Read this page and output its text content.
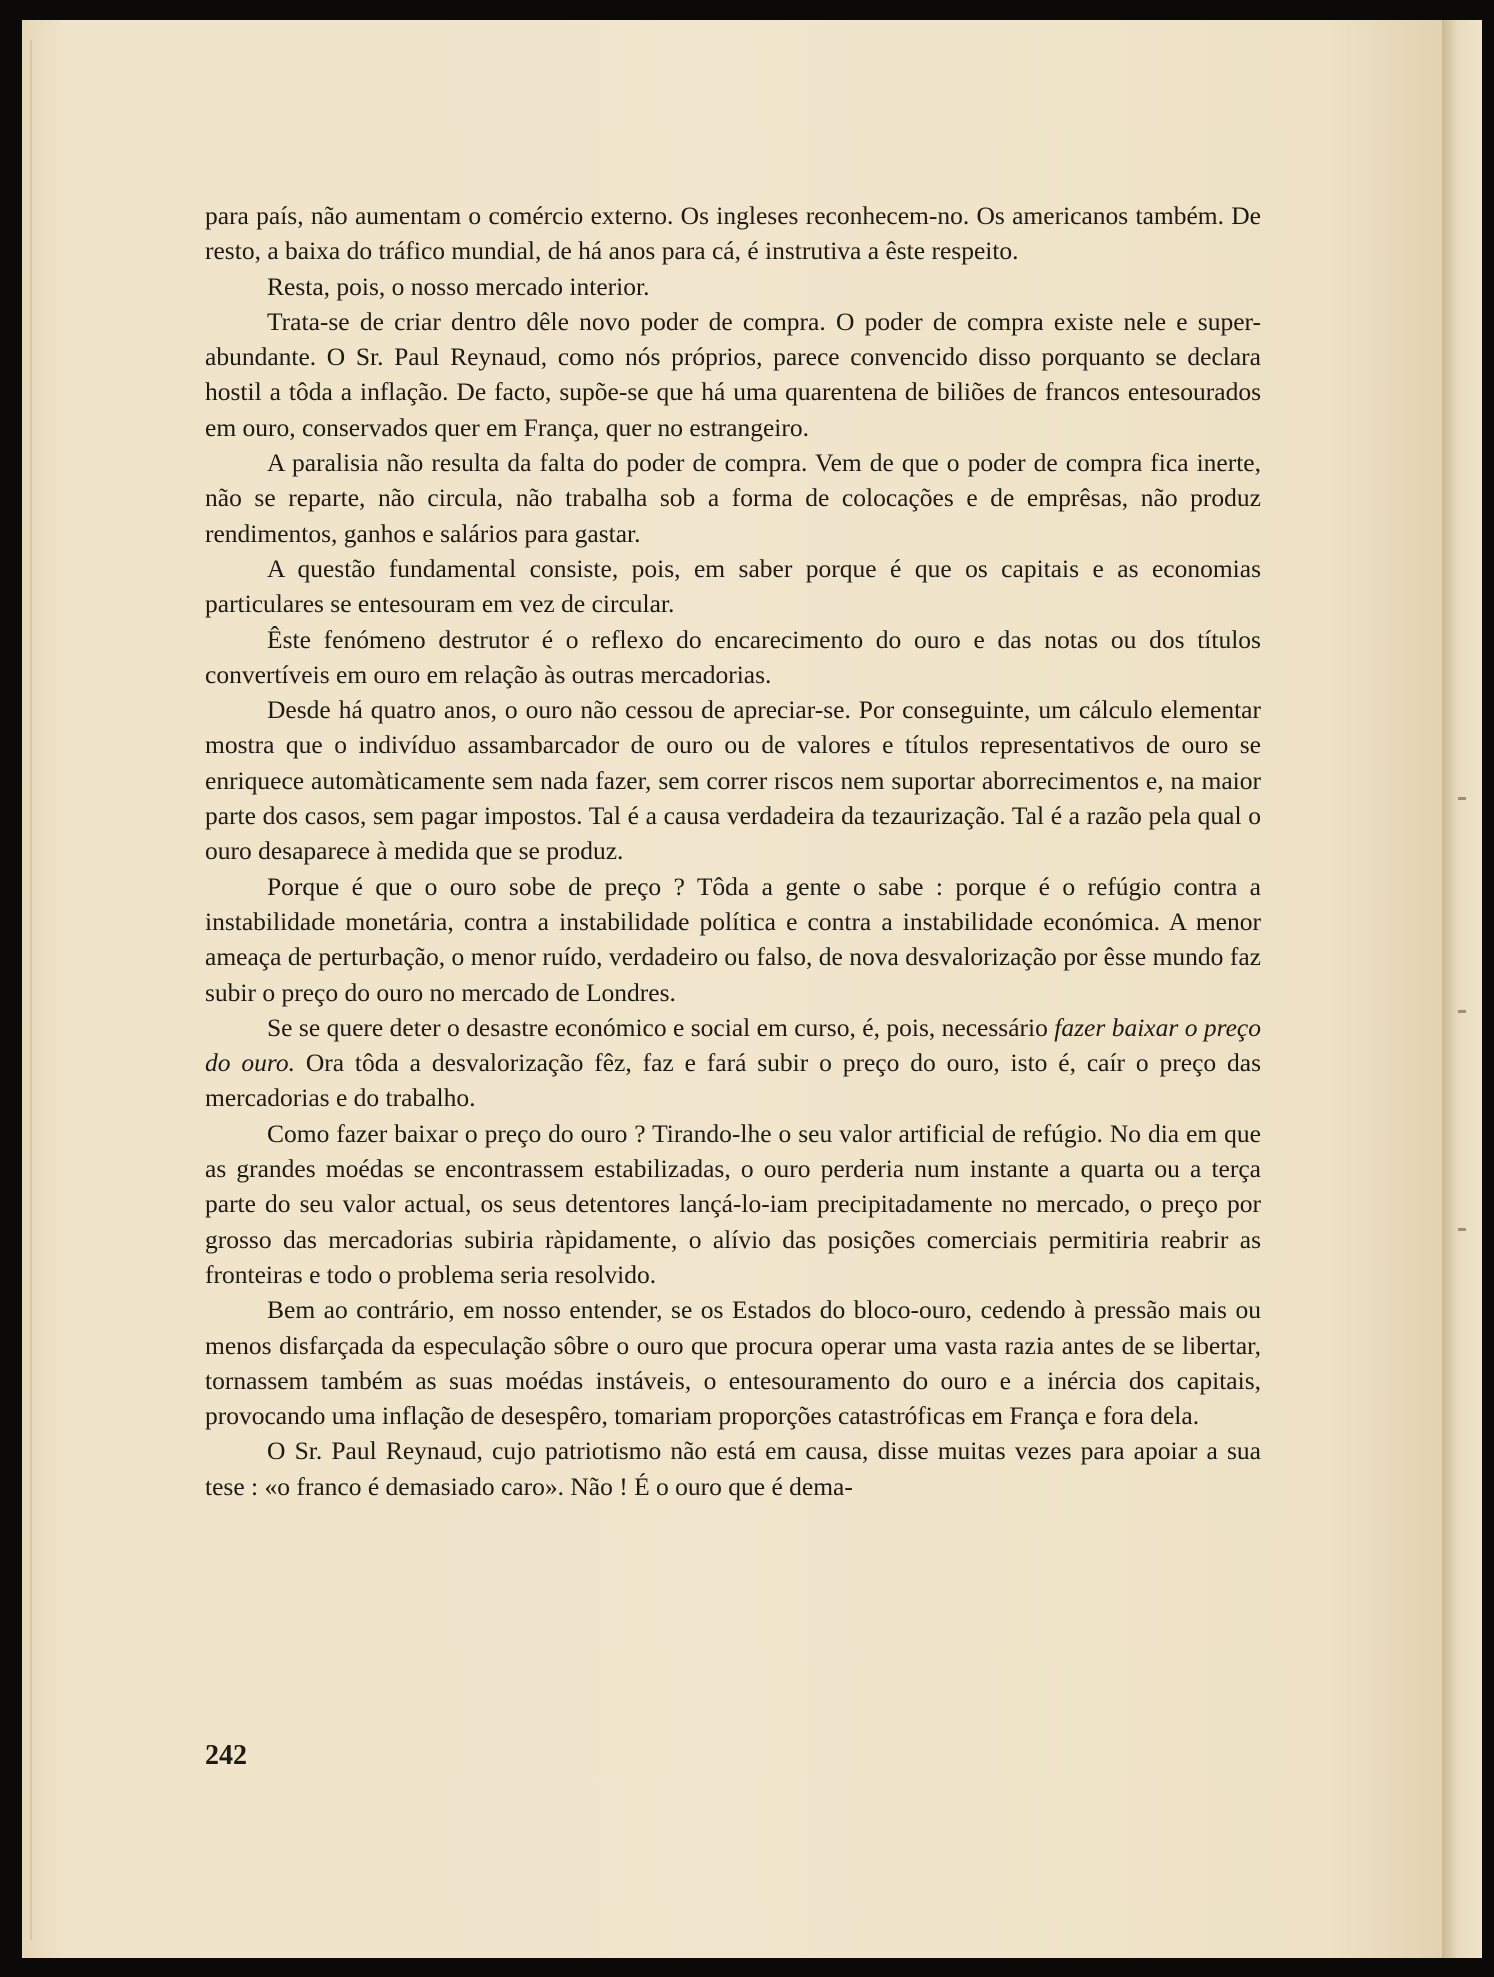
para país, não aumentam o comércio externo. Os ingleses reconhecem-no. Os americanos também. De resto, a baixa do tráfico mundial, de há anos para cá, é instrutiva a êste respeito.

Resta, pois, o nosso mercado interior.

Trata-se de criar dentro dêle novo poder de compra. O poder de compra existe nele e super-abundante. O Sr. Paul Reynaud, como nós próprios, parece convencido disso porquanto se declara hostil a tôda a inflação. De facto, supõe-se que há uma quarentena de biliões de francos entesourados em ouro, conservados quer em França, quer no estrangeiro.

A paralisia não resulta da falta do poder de compra. Vem de que o poder de compra fica inerte, não se reparte, não circula, não trabalha sob a forma de colocações e de emprêsas, não produz rendimentos, ganhos e salários para gastar.

A questão fundamental consiste, pois, em saber porque é que os capitais e as economias particulares se entesouram em vez de circular.

Êste fenómeno destrutor é o reflexo do encarecimento do ouro e das notas ou dos títulos convertíveis em ouro em relação às outras mercadorias.

Desde há quatro anos, o ouro não cessou de apreciar-se. Por conseguinte, um cálculo elementar mostra que o indivíduo assambarcador de ouro ou de valores e títulos representativos de ouro se enriquece automàticamente sem nada fazer, sem correr riscos nem suportar aborrecimentos e, na maior parte dos casos, sem pagar impostos. Tal é a causa verdadeira da tezaurização. Tal é a razão pela qual o ouro desaparece à medida que se produz.

Porque é que o ouro sobe de preço ? Tôda a gente o sabe : porque é o refúgio contra a instabilidade monetária, contra a instabilidade política e contra a instabilidade económica. A menor ameaça de perturbação, o menor ruído, verdadeiro ou falso, de nova desvalorização por êsse mundo faz subir o preço do ouro no mercado de Londres.

Se se quere deter o desastre económico e social em curso, é, pois, necessário fazer baixar o preço do ouro. Ora tôda a desvalorização fêz, faz e fará subir o preço do ouro, isto é, caír o preço das mercadorias e do trabalho.

Como fazer baixar o preço do ouro ? Tirando-lhe o seu valor artificial de refúgio. No dia em que as grandes moédas se encontrassem estabilizadas, o ouro perderia num instante a quarta ou a terça parte do seu valor actual, os seus detentores lançá-lo-iam precipitadamente no mercado, o preço por grosso das mercadorias subiria ràpidamente, o alívio das posições comerciais permitiria reabrir as fronteiras e todo o problema seria resolvido.

Bem ao contrário, em nosso entender, se os Estados do bloco-ouro, cedendo à pressão mais ou menos disfarçada da especulação sôbre o ouro que procura operar uma vasta razia antes de se libertar, tornassem também as suas moédas instáveis, o entesouramento do ouro e a inércia dos capitais, provocando uma inflação de desespêro, tomariam proporções catastróficas em França e fora dela.

O Sr. Paul Reynaud, cujo patriotismo não está em causa, disse muitas vezes para apoiar a sua tese : «o franco é demasiado caro». Não ! É o ouro que é dema-

242
